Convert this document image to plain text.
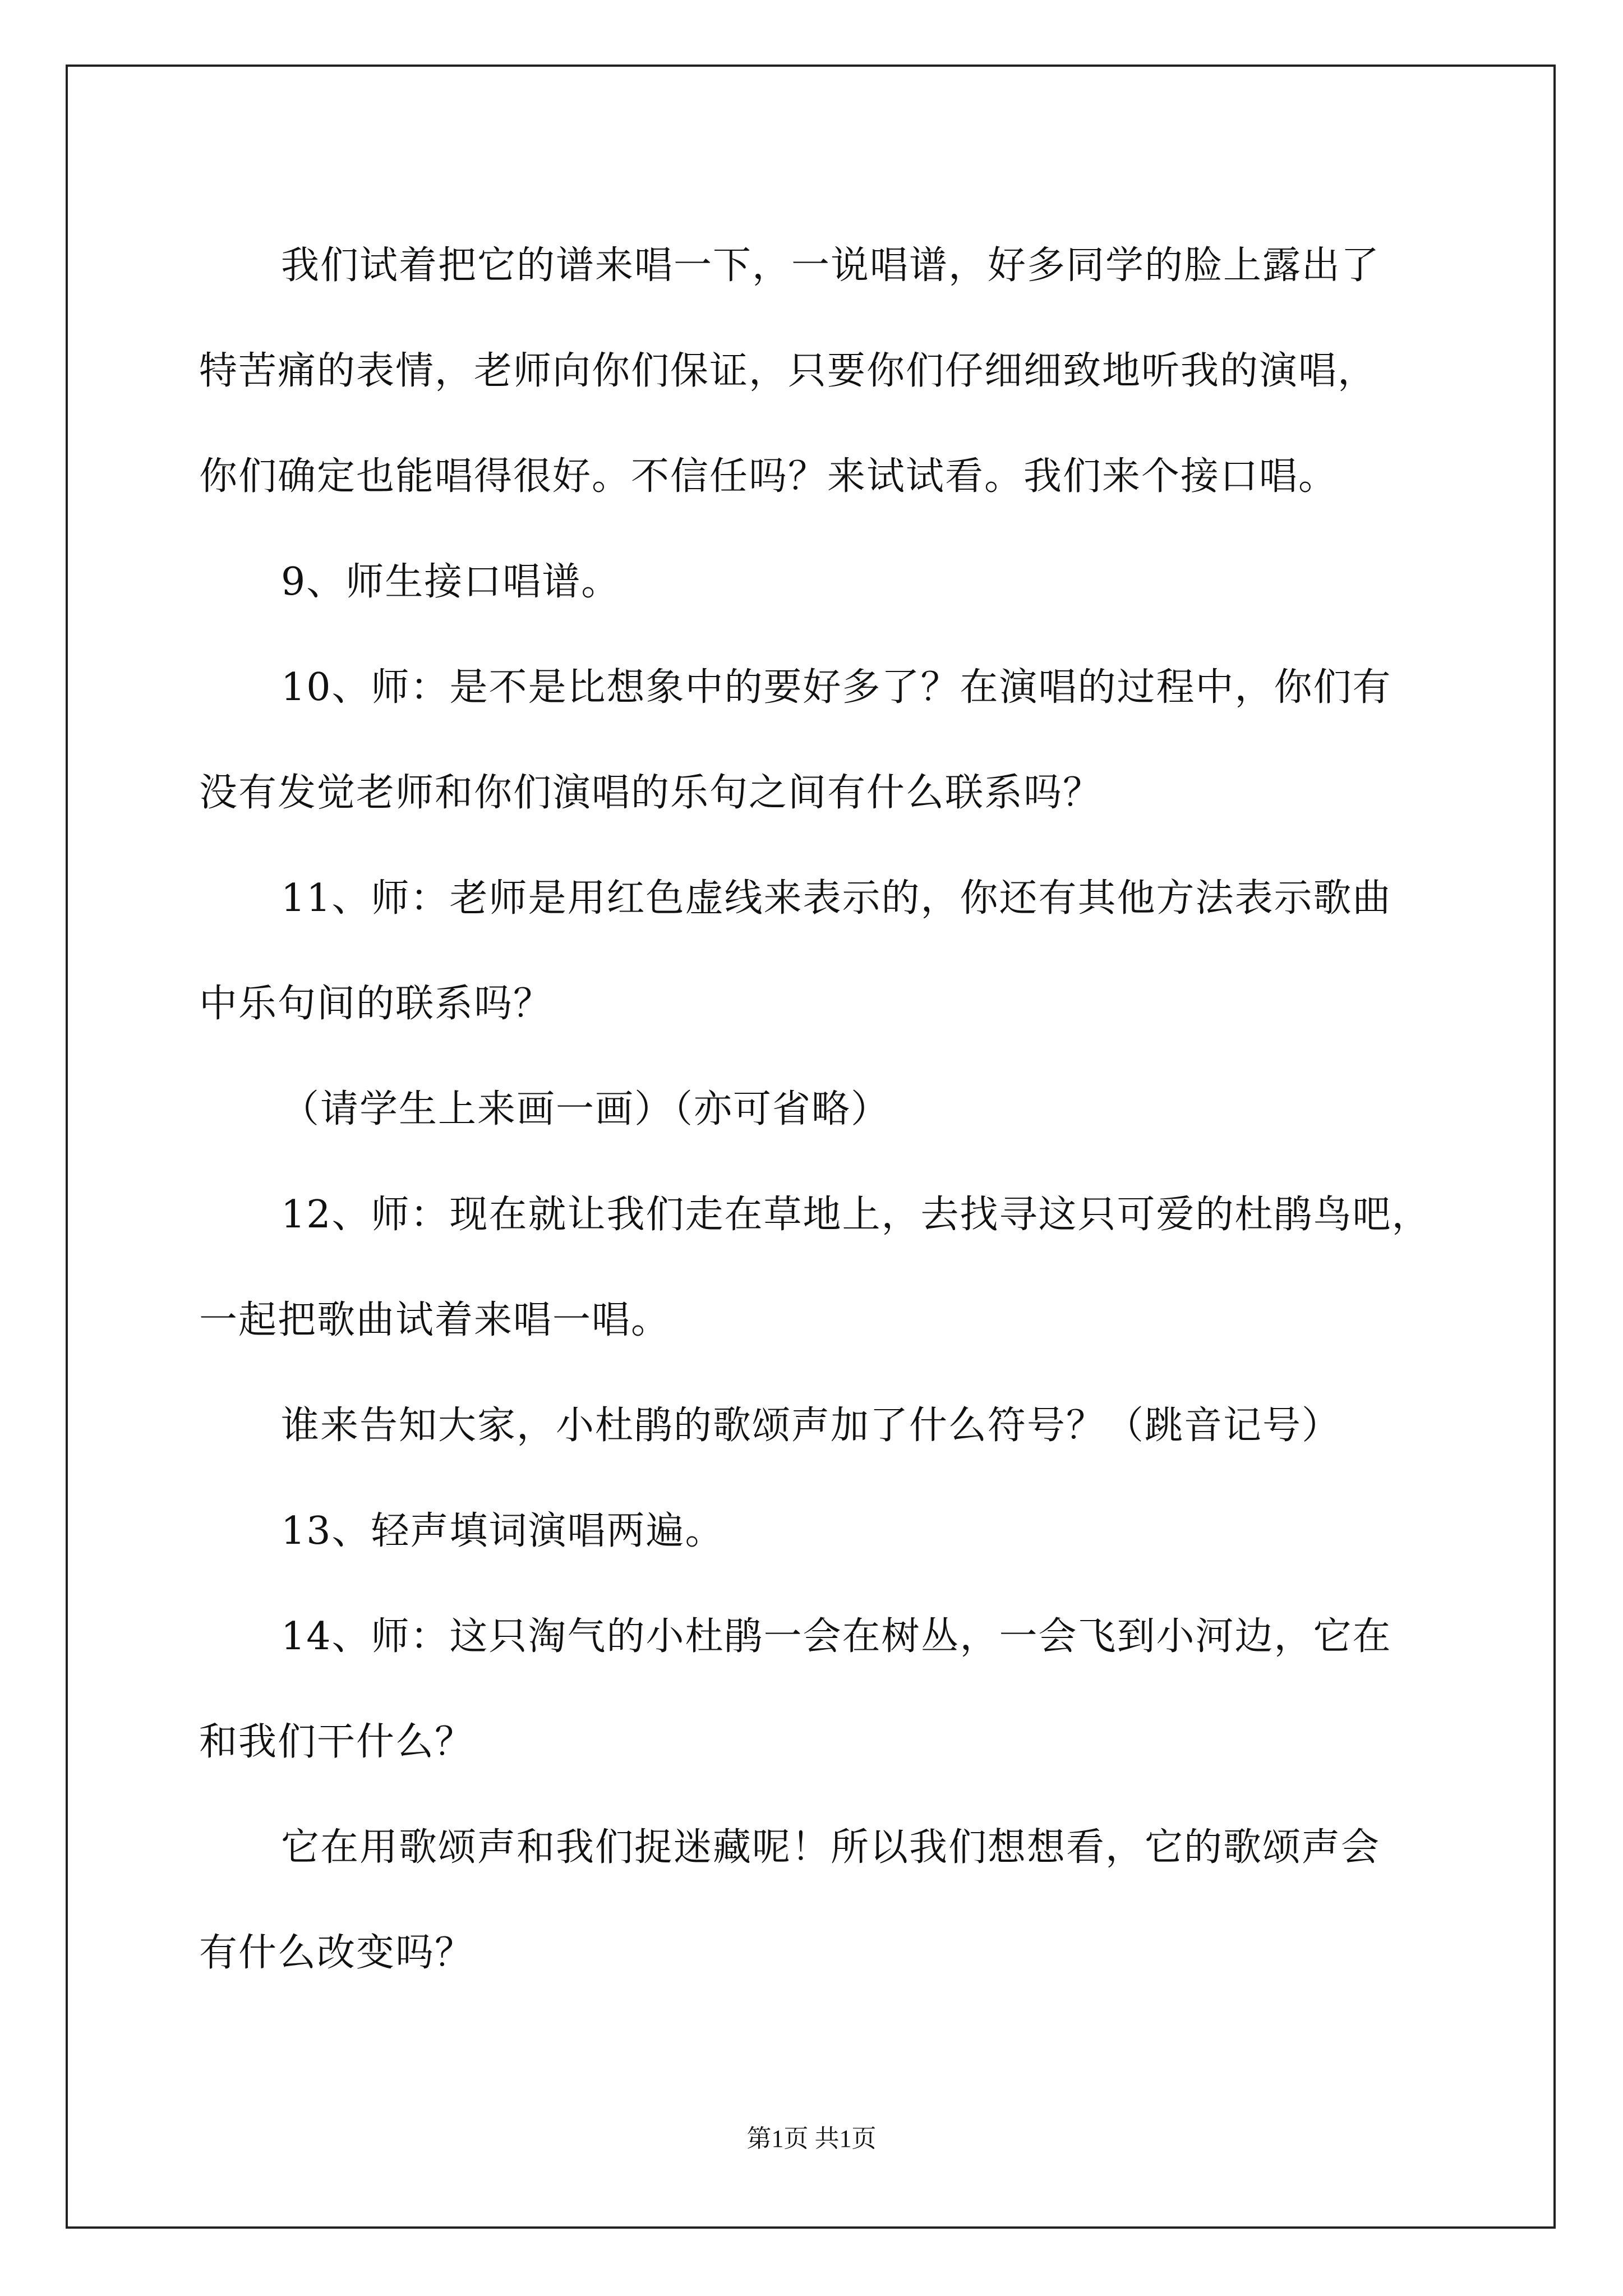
我们试着把它的谱来唱一下，一说唱谱，好多同学的脸上露出了

特苦痛的表情，老师向你们保证，只要你们仔细细致地听我的演唱，

你们确定也能唱得很好。不信任吗？来试试看。我们来个接口唱。

9、师生接口唱谱。

10、师：是不是比想象中的要好多了？在演唱的过程中，你们有

没有发觉老师和你们演唱的乐句之间有什么联系吗？

11、师：老师是用红色虚线来表示的，你还有其他方法表示歌曲

中乐句间的联系吗？

（请学生上来画一画）（亦可省略）

12、师：现在就让我们走在草地上，去找寻这只可爱的杜鹃鸟吧，

一起把歌曲试着来唱一唱。

谁来告知大家，小杜鹃的歌颂声加了什么符号？（跳音记号）

13、轻声填词演唱两遍。

14、师：这只淘气的小杜鹃一会在树丛，一会飞到小河边，它在

和我们干什么？

它在用歌颂声和我们捉迷藏呢！所以我们想想看，它的歌颂声会

有什么改变吗？

第1页 共1页
